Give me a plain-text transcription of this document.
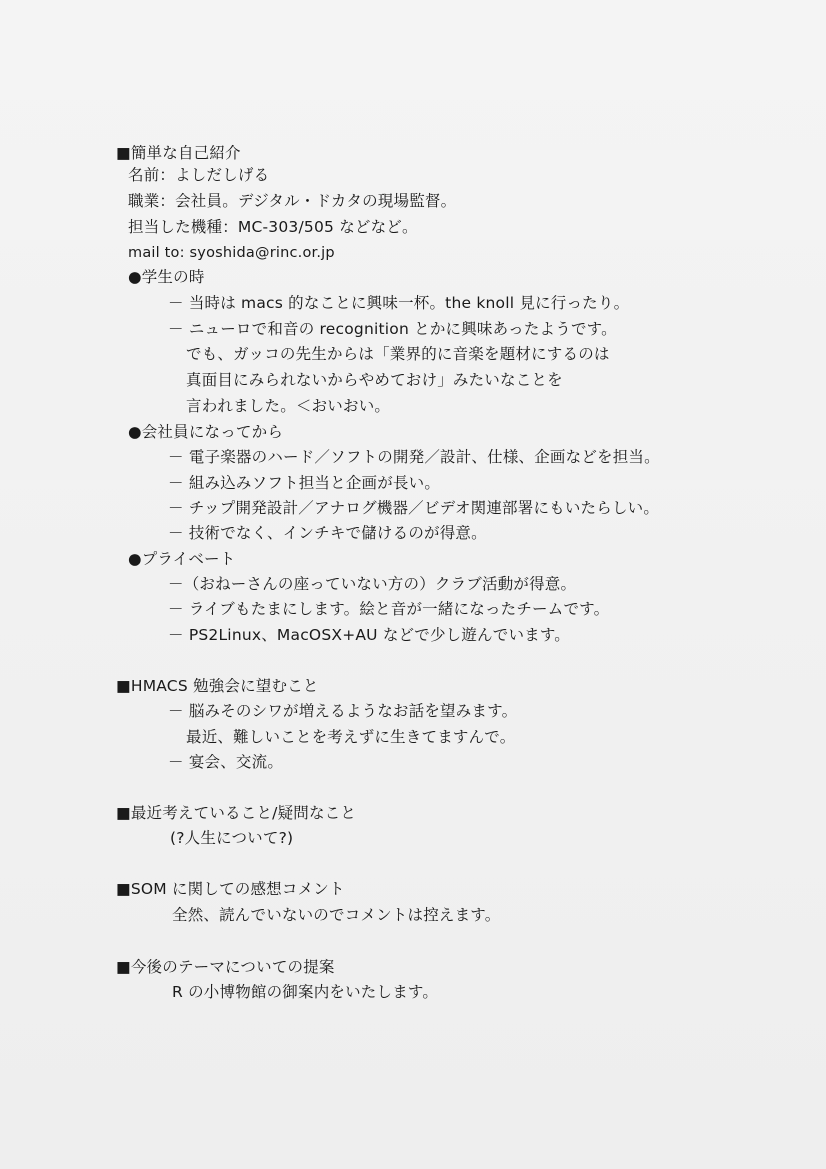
■簡単な自己紹介
名前：よしだしげる
職業：会社員。デジタル・ドカタの現場監督。
担当した機種：MC-303/505 などなど。
mail to: syoshida@rinc.or.jp
●学生の時
－ 当時は macs 的なことに興味一杯。the knoll 見に行ったり。
－ ニューロで和音の recognition とかに興味あったようです。
でも、ガッコの先生からは「業界的に音楽を題材にするのは
真面目にみられないからやめておけ」みたいなことを
言われました。＜おいおい。
●会社員になってから
－ 電子楽器のハード／ソフトの開発／設計、仕様、企画などを担当。
－ 組み込みソフト担当と企画が長い。
－ チップ開発設計／アナログ機器／ビデオ関連部署にもいたらしい。
－ 技術でなく、インチキで儲けるのが得意。
●プライベート
－（おねーさんの座っていない方の）クラブ活動が得意。
－ ライブもたまにします。絵と音が一緒になったチームです。
－ PS2Linux、MacOSX+AU などで少し遊んでいます。
■HMACS 勉強会に望むこと
－ 脳みそのシワが増えるようなお話を望みます。
最近、難しいことを考えずに生きてますんで。
－ 宴会、交流。
■最近考えていること/疑問なこと
(?人生について?)
■SOM に関しての感想コメント
全然、読んでいないのでコメントは控えます。
■今後のテーマについての提案
R の小博物館の御案内をいたします。
